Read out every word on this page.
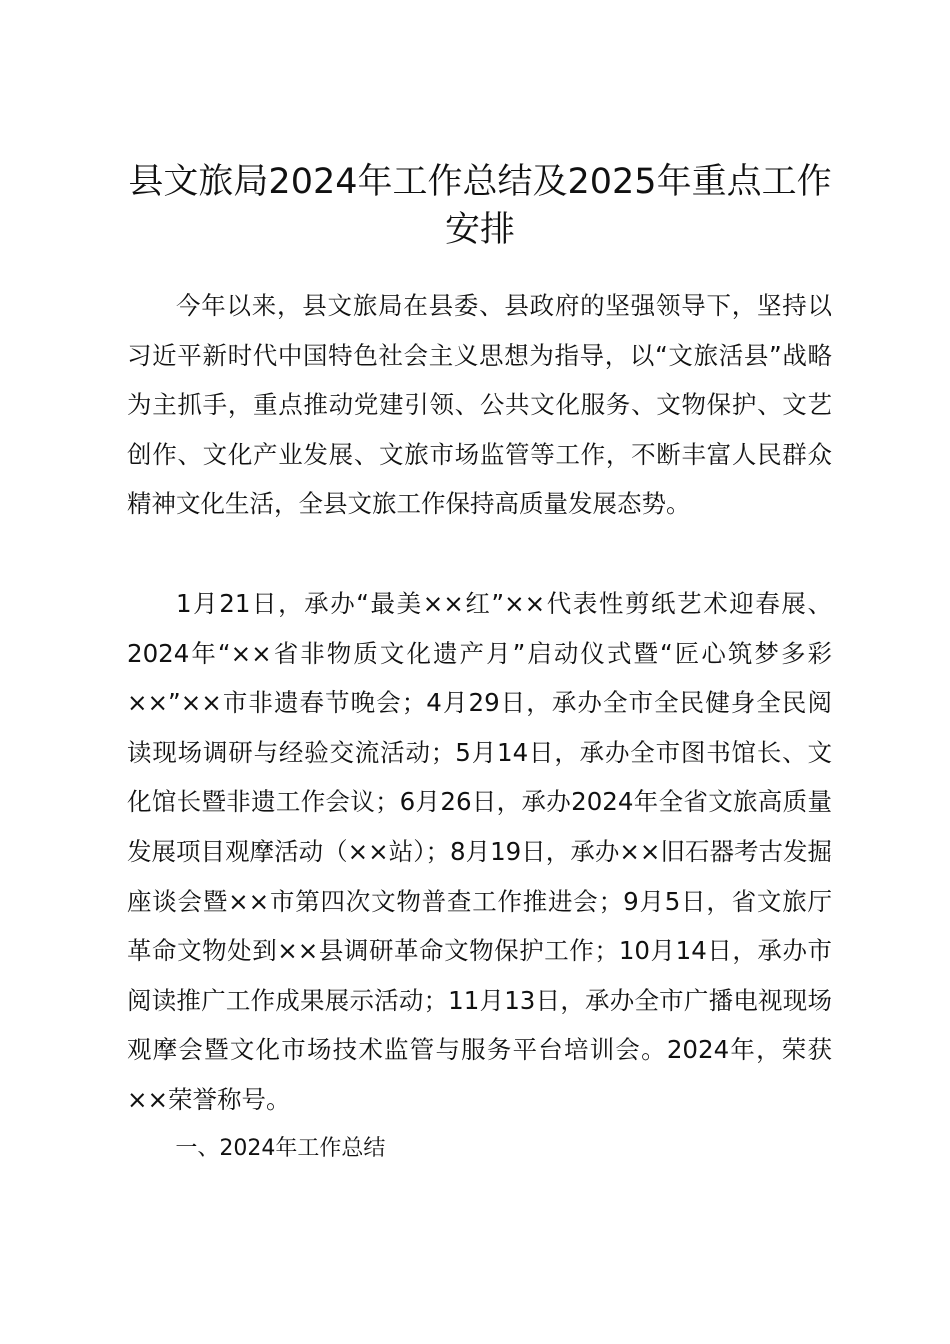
县文旅局2024年工作总结及2025年重点工作安排

今年以来，县文旅局在县委、县政府的坚强领导下，坚持以习近平新时代中国特色社会主义思想为指导，以“文旅活县”战略为主抓手，重点推动党建引领、公共文化服务、文物保护、文艺创作、文化产业发展、文旅市场监管等工作，不断丰富人民群众精神文化生活，全县文旅工作保持高质量发展态势。

1月21日，承办“最美××红”××代表性剪纸艺术迎春展、2024年“××省非物质文化遗产月”启动仪式暨“匠心筑梦多彩××”××市非遗春节晚会；4月29日，承办全市全民健身全民阅读现场调研与经验交流活动；5月14日，承办全市图书馆长、文化馆长暨非遗工作会议；6月26日，承办2024年全省文旅高质量发展项目观摩活动（××站）；8月19日，承办××旧石器考古发掘座谈会暨××市第四次文物普查工作推进会；9月5日，省文旅厅革命文物处到××县调研革命文物保护工作；10月14日，承办市阅读推广工作成果展示活动；11月13日，承办全市广播电视现场观摩会暨文化市场技术监管与服务平台培训会。2024年，荣获××荣誉称号。

一、2024年工作总结
